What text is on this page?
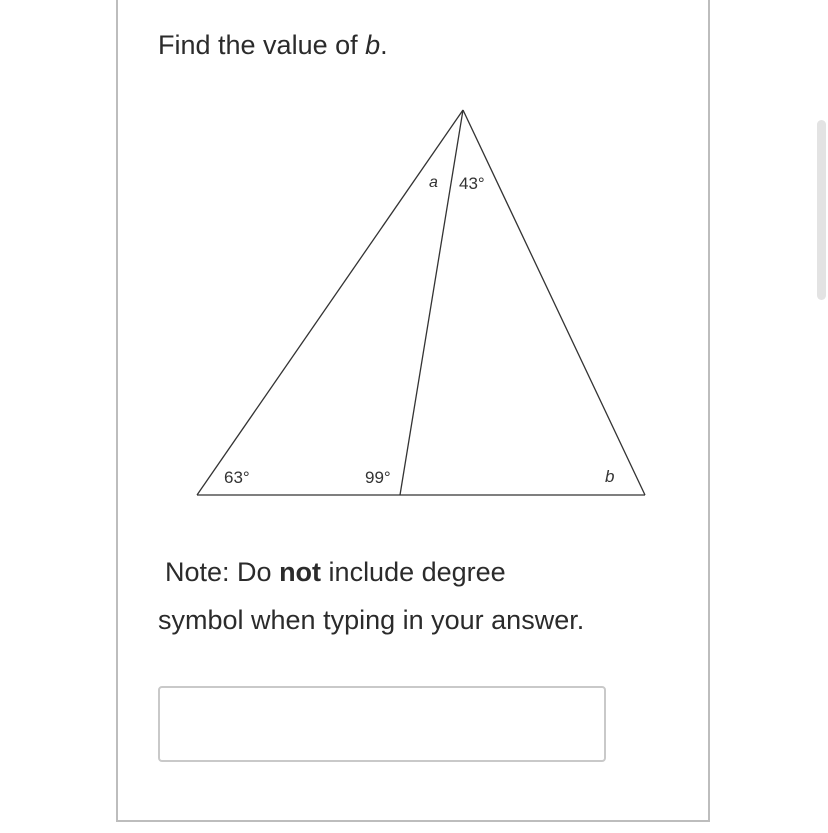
Find the value of b.
a 43°
63°	99°	b
Note: Do not include degree
symbol when typing in your answer.
